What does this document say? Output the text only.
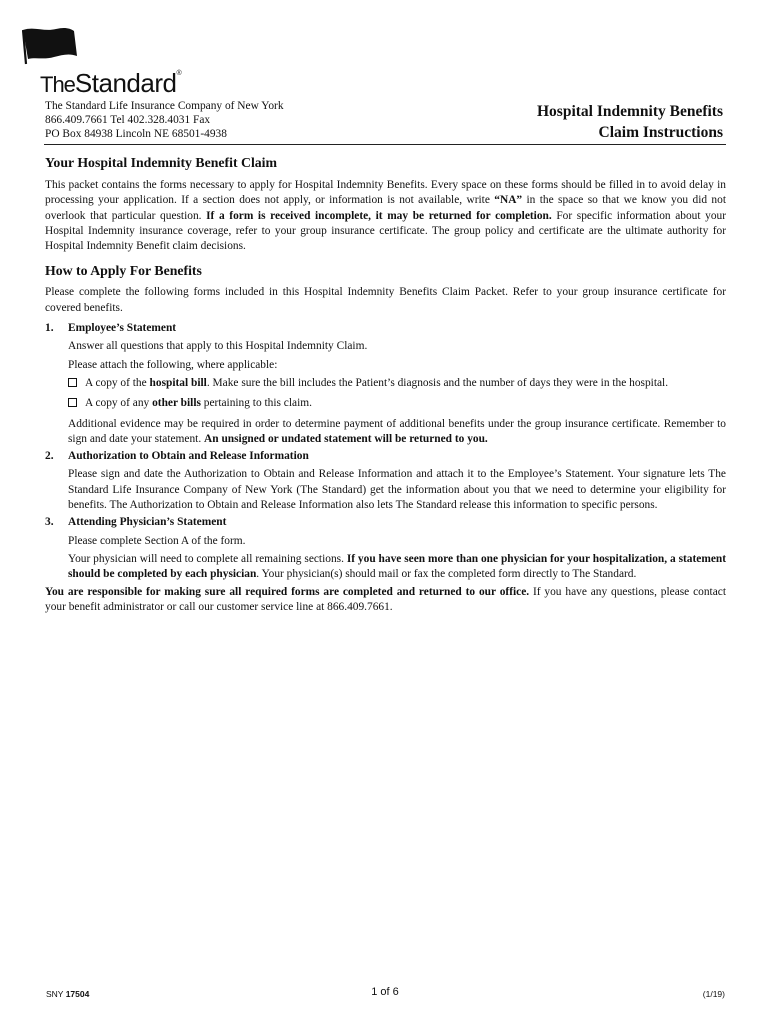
TheStandard®
The Standard Life Insurance Company of New York
866.409.7661 Tel 402.328.4031 Fax
PO Box 84938 Lincoln NE 68501-4938
Hospital Indemnity Benefits
Claim Instructions
Your Hospital Indemnity Benefit Claim

This packet contains the forms necessary to apply for Hospital Indemnity Benefits. Every space on these forms should be filled in to avoid delay in processing your application. If a section does not apply, or information is not available, write “NA” in the space so that we know you did not overlook that particular question. If a form is received incomplete, it may be returned for completion. For specific information about your Hospital Indemnity insurance coverage, refer to your group insurance certificate. The group policy and certificate are the ultimate authority for Hospital Indemnity Benefit claim decisions.

How to Apply For Benefits

Please complete the following forms included in this Hospital Indemnity Benefits Claim Packet. Refer to your group insurance certificate for covered benefits.

1. Employee’s Statement
Answer all questions that apply to this Hospital Indemnity Claim.
Please attach the following, where applicable:
A copy of the hospital bill. Make sure the bill includes the Patient’s diagnosis and the number of days they were in the hospital.
A copy of any other bills pertaining to this claim.

Additional evidence may be required in order to determine payment of additional benefits under the group insurance certificate. Remember to sign and date your statement. An unsigned or undated statement will be returned to you.

2. Authorization to Obtain and Release Information

Please sign and date the Authorization to Obtain and Release Information and attach it to the Employee’s Statement. Your signature lets The Standard Life Insurance Company of New York (The Standard) get the information about you that we need to determine your eligibility for benefits. The Authorization to Obtain and Release Information also lets The Standard release this information to specific persons.

3. Attending Physician’s Statement
Please complete Section A of the form.

Your physician will need to complete all remaining sections. If you have seen more than one physician for your hospitalization, a statement should be completed by each physician. Your physician(s) should mail or fax the completed form directly to The Standard.

You are responsible for making sure all required forms are completed and returned to our office. If you have any questions, please contact your benefit administrator or call our customer service line at 866.409.7661.

SNY 17504	1 of 6	(1/19)
